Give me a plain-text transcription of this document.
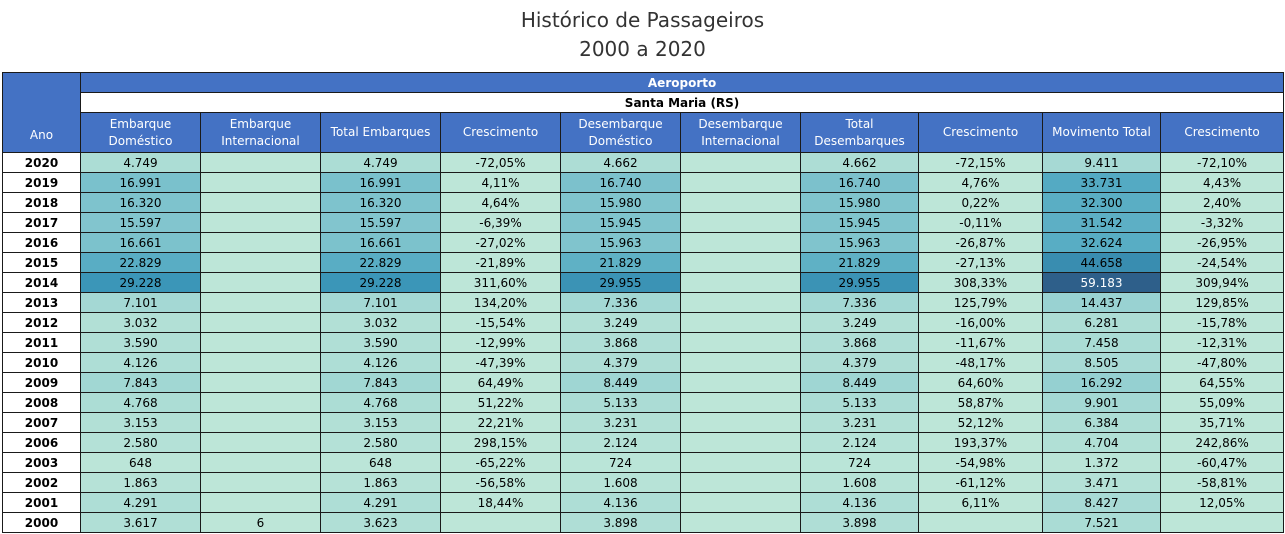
Histórico de Passageiros
2000 a 2020
Ano	Aeroporto									
	Santa Maria (RS)									
	Embarque Doméstico	Embarque Internacional	Total Embarques	Crescimento	Desembarque Doméstico	Desembarque Internacional	Total Desembarques	Crescimento	Movimento Total	Crescimento
2020	4.749		4.749	-72,05%	4.662		4.662	-72,15%	9.411	-72,10%
2019	16.991		16.991	4,11%	16.740		16.740	4,76%	33.731	4,43%
2018	16.320		16.320	4,64%	15.980		15.980	0,22%	32.300	2,40%
2017	15.597		15.597	-6,39%	15.945		15.945	-0,11%	31.542	-3,32%
2016	16.661		16.661	-27,02%	15.963		15.963	-26,87%	32.624	-26,95%
2015	22.829		22.829	-21,89%	21.829		21.829	-27,13%	44.658	-24,54%
2014	29.228		29.228	311,60%	29.955		29.955	308,33%	59.183	309,94%
2013	7.101		7.101	134,20%	7.336		7.336	125,79%	14.437	129,85%
2012	3.032		3.032	-15,54%	3.249		3.249	-16,00%	6.281	-15,78%
2011	3.590		3.590	-12,99%	3.868		3.868	-11,67%	7.458	-12,31%
2010	4.126		4.126	-47,39%	4.379		4.379	-48,17%	8.505	-47,80%
2009	7.843		7.843	64,49%	8.449		8.449	64,60%	16.292	64,55%
2008	4.768		4.768	51,22%	5.133		5.133	58,87%	9.901	55,09%
2007	3.153		3.153	22,21%	3.231		3.231	52,12%	6.384	35,71%
2006	2.580		2.580	298,15%	2.124		2.124	193,37%	4.704	242,86%
2003	648		648	-65,22%	724		724	-54,98%	1.372	-60,47%
2002	1.863		1.863	-56,58%	1.608		1.608	-61,12%	3.471	-58,81%
2001	4.291		4.291	18,44%	4.136		4.136	6,11%	8.427	12,05%
2000	3.617	6	3.623		3.898		3.898		7.521	
